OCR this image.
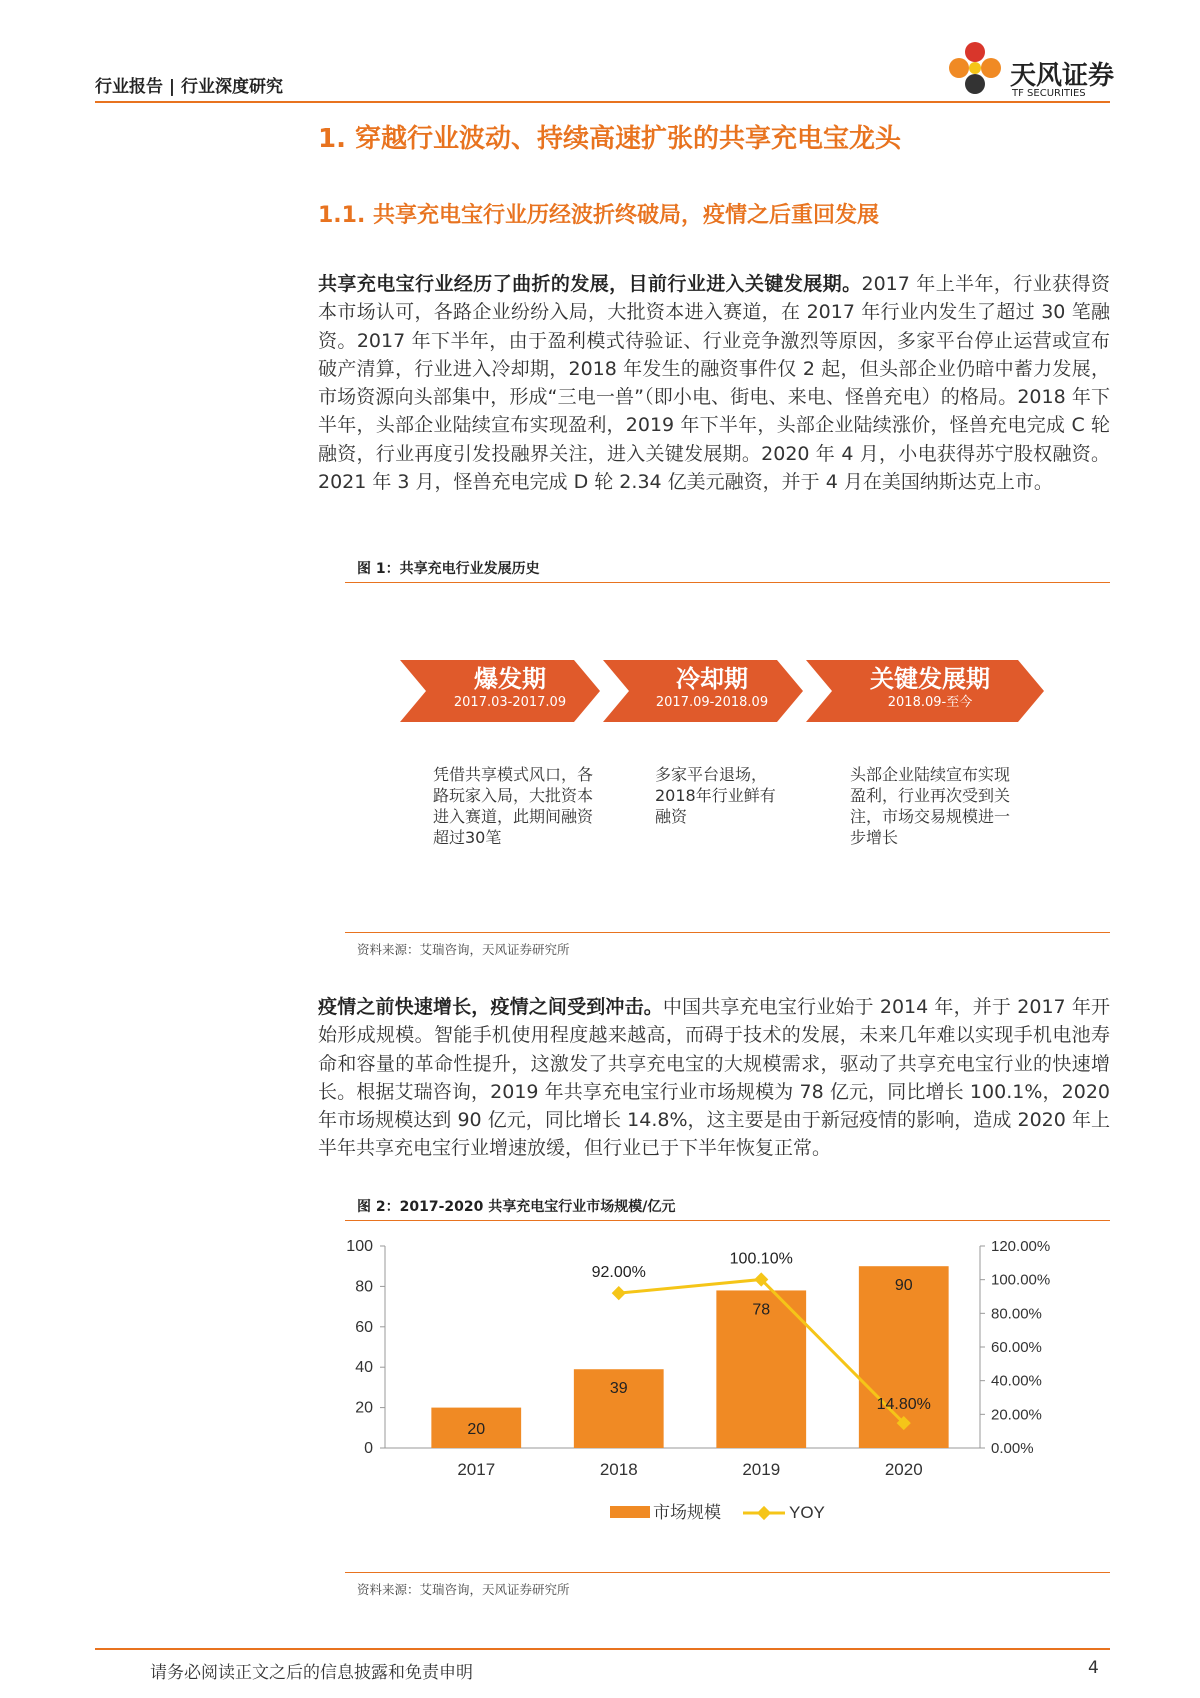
行业报告 | 行业深度研究	天风证券
TF SECURITIES
1. 穿越行业波动、持续高速扩张的共享充电宝龙头
1.1. 共享充电宝行业历经波折终破局，疫情之后重回发展
共享充电宝行业经历了曲折的发展，目前行业进入关键发展期。2017 年上半年，行业获得资本市场认可，各路企业纷纷入局，大批资本进入赛道，在 2017 年行业内发生了超过 30 笔融资。2017 年下半年，由于盈利模式待验证、行业竞争激烈等原因，多家平台停止运营或宣布破产清算，行业进入冷却期，2018 年发生的融资事件仅 2 起，但头部企业仍暗中蓄力发展，市场资源向头部集中，形成“三电一兽”（即小电、街电、来电、怪兽充电）的格局。2018 年下半年，头部企业陆续宣布实现盈利，2019 年下半年，头部企业陆续涨价，怪兽充电完成 C 轮融资，行业再度引发投融界关注，进入关键发展期。2020 年 4 月，小电获得苏宁股权融资。2021 年 3 月，怪兽充电完成 D 轮 2.34 亿美元融资，并于 4 月在美国纳斯达克上市。
图 1：共享充电行业发展历史
爆发期
2017.03-2017.09
冷却期
2017.09-2018.09
关键发展期
2018.09-至今
凭借共享模式风口，各路玩家入局，大批资本进入赛道，此期间融资超过30笔
多家平台退场，2018年行业鲜有融资
头部企业陆续宣布实现盈利，行业再次受到关注，市场交易规模进一步增长
资料来源：艾瑞咨询，天风证券研究所
疫情之前快速增长，疫情之间受到冲击。中国共享充电宝行业始于 2014 年，并于 2017 年开始形成规模。智能手机使用程度越来越高，而碍于技术的发展，未来几年难以实现手机电池寿命和容量的革命性提升，这激发了共享充电宝的大规模需求，驱动了共享充电宝行业的快速增长。根据艾瑞咨询，2019 年共享充电宝行业市场规模为 78 亿元，同比增长 100.1%，2020 年市场规模达到 90 亿元，同比增长 14.8%，这主要是由于新冠疫情的影响，造成 2020 年上半年共享充电宝行业增速放缓，但行业已于下半年恢复正常。
图 2：2017-2020 共享充电宝行业市场规模/亿元
0
20
40
60
80
100
0.00%
20.00%
40.00%
60.00%
80.00%
100.00%
120.00%
20
39
78
90
92.00%
100.10%
14.80%
2017	2018	2019	2020
市场规模	YOY
资料来源：艾瑞咨询，天风证券研究所
请务必阅读正文之后的信息披露和免责申明	4
